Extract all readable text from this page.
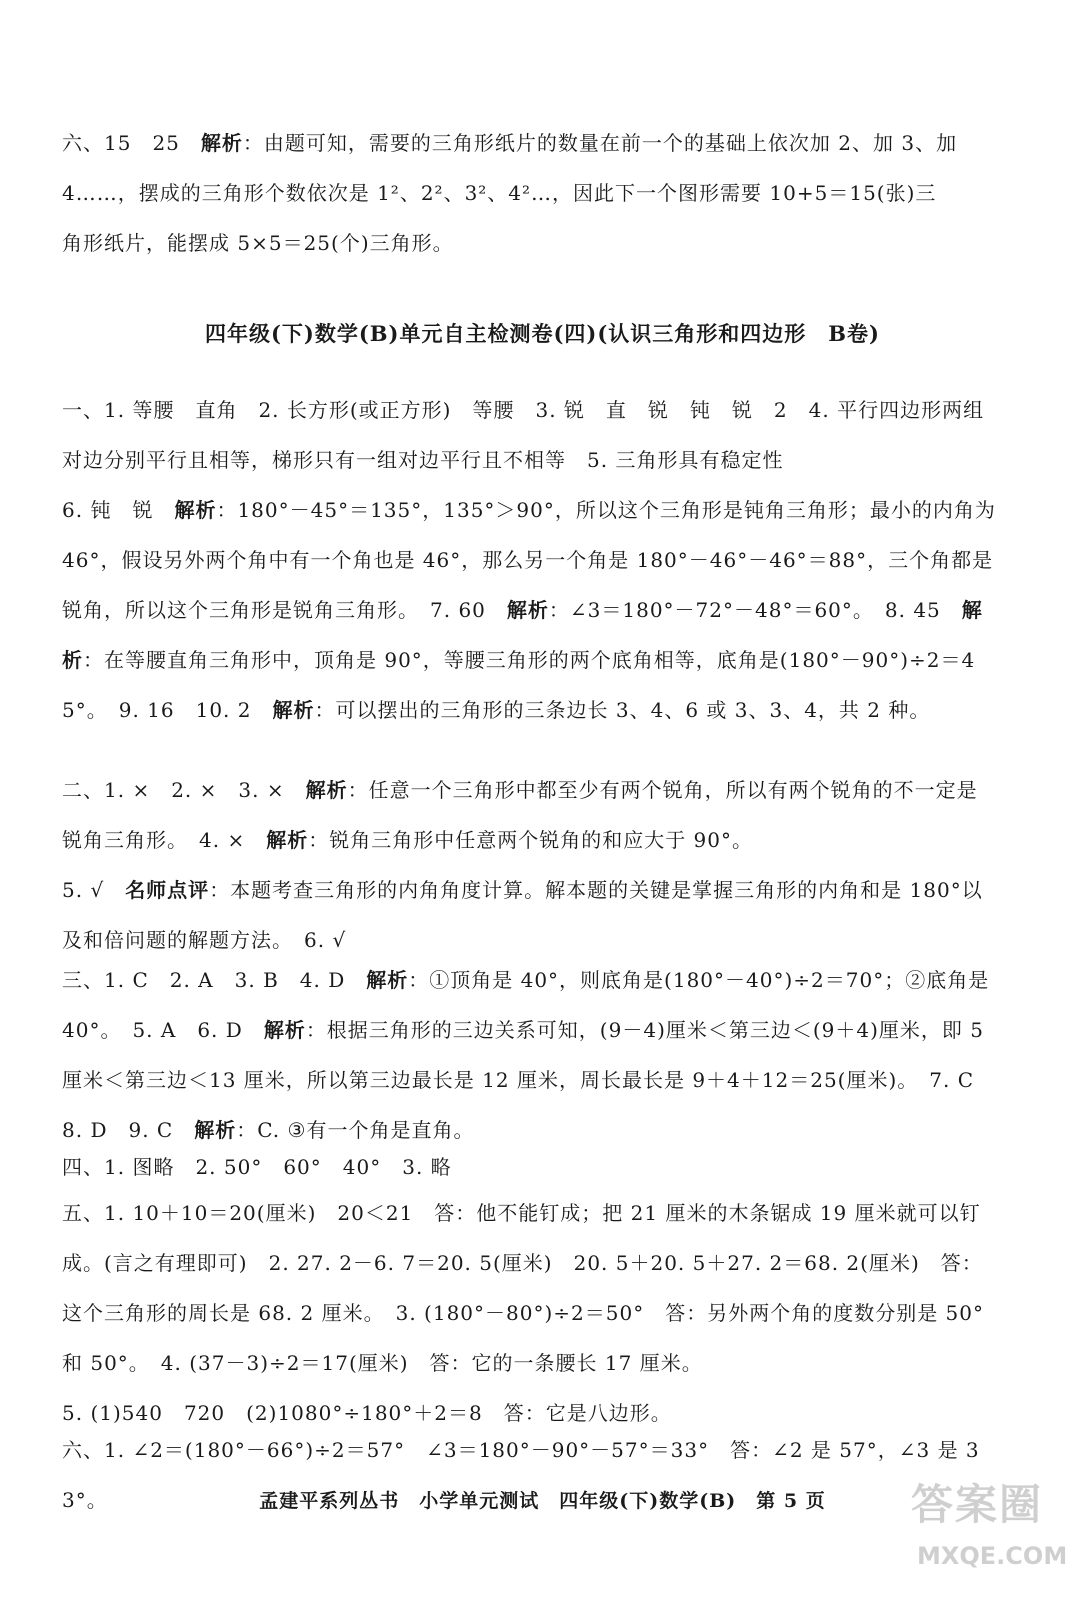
六、15　25　解析：由题可知，需要的三角形纸片的数量在前一个的基础上依次加 2、加 3、加
4……，摆成的三角形个数依次是 1²、2²、3²、4²…，因此下一个图形需要 10+5＝15(张)三
角形纸片，能摆成 5×5＝25(个)三角形。
四年级(下)数学(B)单元自主检测卷(四)(认识三角形和四边形　B卷)
一、1. 等腰　直角　2. 长方形(或正方形)　等腰　3. 锐　直　锐　钝　锐　2　4. 平行四边形两组对边分别平行且相等，梯形只有一组对边平行且不相等　5. 三角形具有稳定性
6. 钝　锐　解析：180°－45°＝135°，135°＞90°，所以这个三角形是钝角三角形；最小的内角为 46°，假设另外两个角中有一个角也是 46°，那么另一个角是 180°－46°－46°＝88°，三个角都是锐角，所以这个三角形是锐角三角形。　7. 60　解析：∠3＝180°－72°－48°＝60°。　8. 45　解析：在等腰直角三角形中，顶角是 90°，等腰三角形的两个底角相等，底角是(180°－90°)÷2＝45°。　9. 16　10. 2　解析：可以摆出的三角形的三条边长 3、4、6 或 3、3、4，共 2 种。
二、1. ×　2. ×　3. ×　解析：任意一个三角形中都至少有两个锐角，所以有两个锐角的不一定是锐角三角形。　4. ×　解析：锐角三角形中任意两个锐角的和应大于 90°。
5. √　名师点评：本题考查三角形的内角角度计算。解本题的关键是掌握三角形的内角和是 180°以及和倍问题的解题方法。　6. √
三、1. C　2. A　3. B　4. D　解析：①顶角是 40°，则底角是(180°－40°)÷2＝70°；②底角是 40°。　5. A　6. D　解析：根据三角形的三边关系可知，(9－4)厘米＜第三边＜(9＋4)厘米，即 5 厘米＜第三边＜13 厘米，所以第三边最长是 12 厘米，周长最长是 9＋4＋12＝25(厘米)。　7. C　8. D　9. C　解析：C. ③有一个角是直角。
四、1. 图略　2. 50°　60°　40°　3. 略
五、1. 10＋10＝20(厘米)　20＜21　答：他不能钉成；把 21 厘米的木条锯成 19 厘米就可以钉成。(言之有理即可)　2. 27. 2－6. 7＝20. 5(厘米)　20. 5＋20. 5＋27. 2＝68. 2(厘米)　答：这个三角形的周长是 68. 2 厘米。　3. (180°－80°)÷2＝50°　答：另外两个角的度数分别是 50°和 50°。　4. (37－3)÷2＝17(厘米)　答：它的一条腰长 17 厘米。
5. (1)540　720　(2)1080°÷180°＋2＝8　答：它是八边形。
六、1. ∠2＝(180°－66°)÷2＝57°　∠3＝180°－90°－57°＝33°　答：∠2 是 57°，∠3 是 33°。	孟建平系列丛书　小学单元测试　四年级(下)数学(B)　第 5 页	答案圈
MXQE.COM
